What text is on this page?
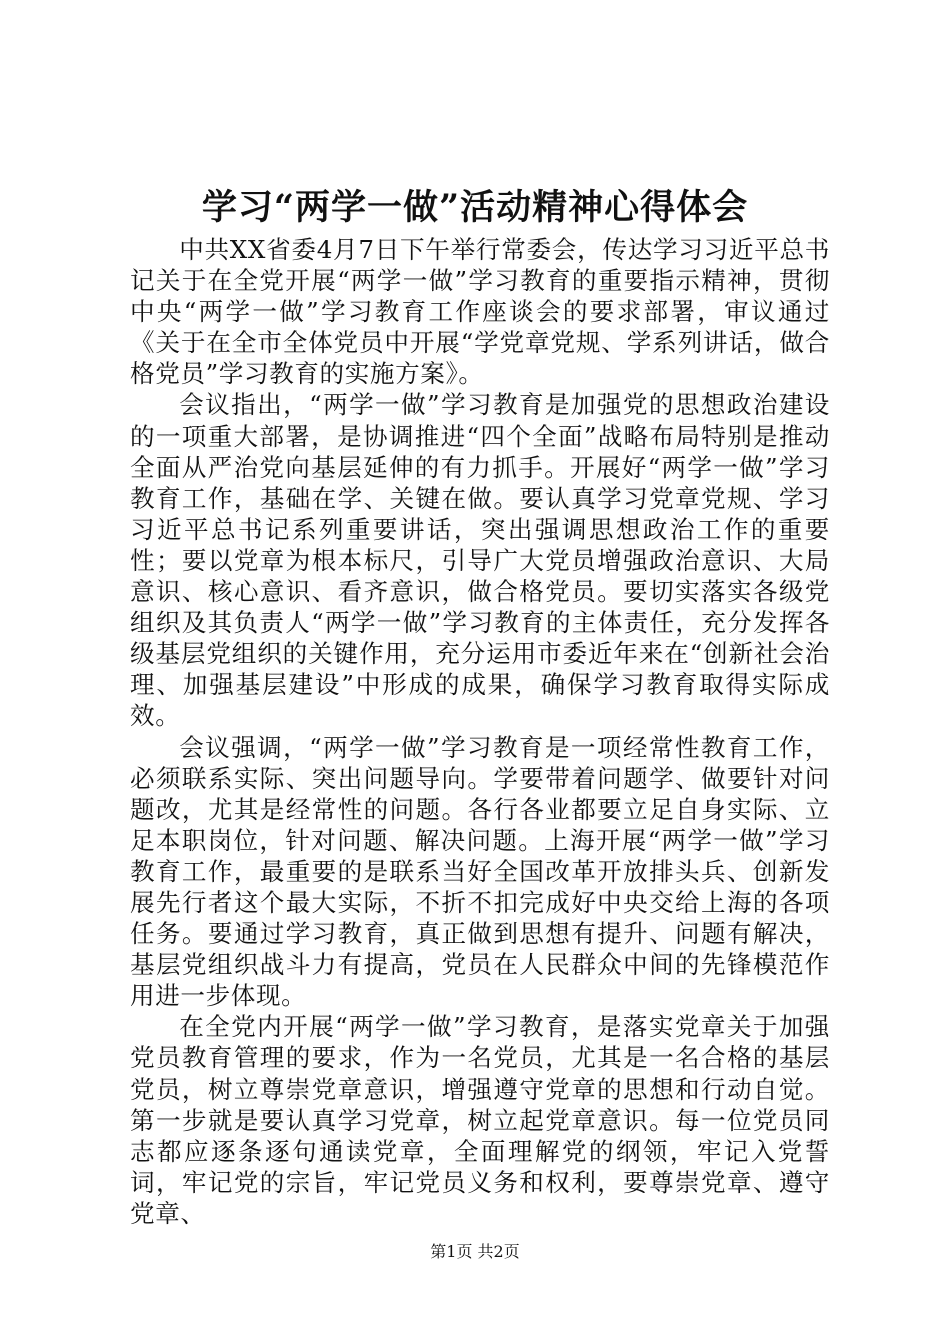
学习“两学一做”活动精神心得体会

中共XX省委4月7日下午举行常委会，传达学习习近平总书记关于在全党开展“两学一做”学习教育的重要指示精神，贯彻中央“两学一做”学习教育工作座谈会的要求部署，审议通过《关于在全市全体党员中开展“学党章党规、学系列讲话，做合格党员”学习教育的实施方案》。

会议指出，“两学一做”学习教育是加强党的思想政治建设的一项重大部署，是协调推进“四个全面”战略布局特别是推动全面从严治党向基层延伸的有力抓手。开展好“两学一做”学习教育工作，基础在学、关键在做。要认真学习党章党规、学习习近平总书记系列重要讲话，突出强调思想政治工作的重要性；要以党章为根本标尺，引导广大党员增强政治意识、大局意识、核心意识、看齐意识，做合格党员。要切实落实各级党组织及其负责人“两学一做”学习教育的主体责任，充分发挥各级基层党组织的关键作用，充分运用市委近年来在“创新社会治理、加强基层建设”中形成的成果，确保学习教育取得实际成效。

会议强调，“两学一做”学习教育是一项经常性教育工作，必须联系实际、突出问题导向。学要带着问题学、做要针对问题改，尤其是经常性的问题。各行各业都要立足自身实际、立足本职岗位，针对问题、解决问题。上海开展“两学一做”学习教育工作，最重要的是联系当好全国改革开放排头兵、创新发展先行者这个最大实际，不折不扣完成好中央交给上海的各项任务。要通过学习教育，真正做到思想有提升、问题有解决，基层党组织战斗力有提高，党员在人民群众中间的先锋模范作用进一步体现。

在全党内开展“两学一做”学习教育，是落实党章关于加强党员教育管理的要求，作为一名党员，尤其是一名合格的基层党员，树立尊崇党章意识，增强遵守党章的思想和行动自觉。第一步就是要认真学习党章，树立起党章意识。每一位党员同志都应逐条逐句通读党章，全面理解党的纲领，牢记入党誓词，牢记党的宗旨，牢记党员义务和权利，要尊崇党章、遵守党章、

第1页 共2页
